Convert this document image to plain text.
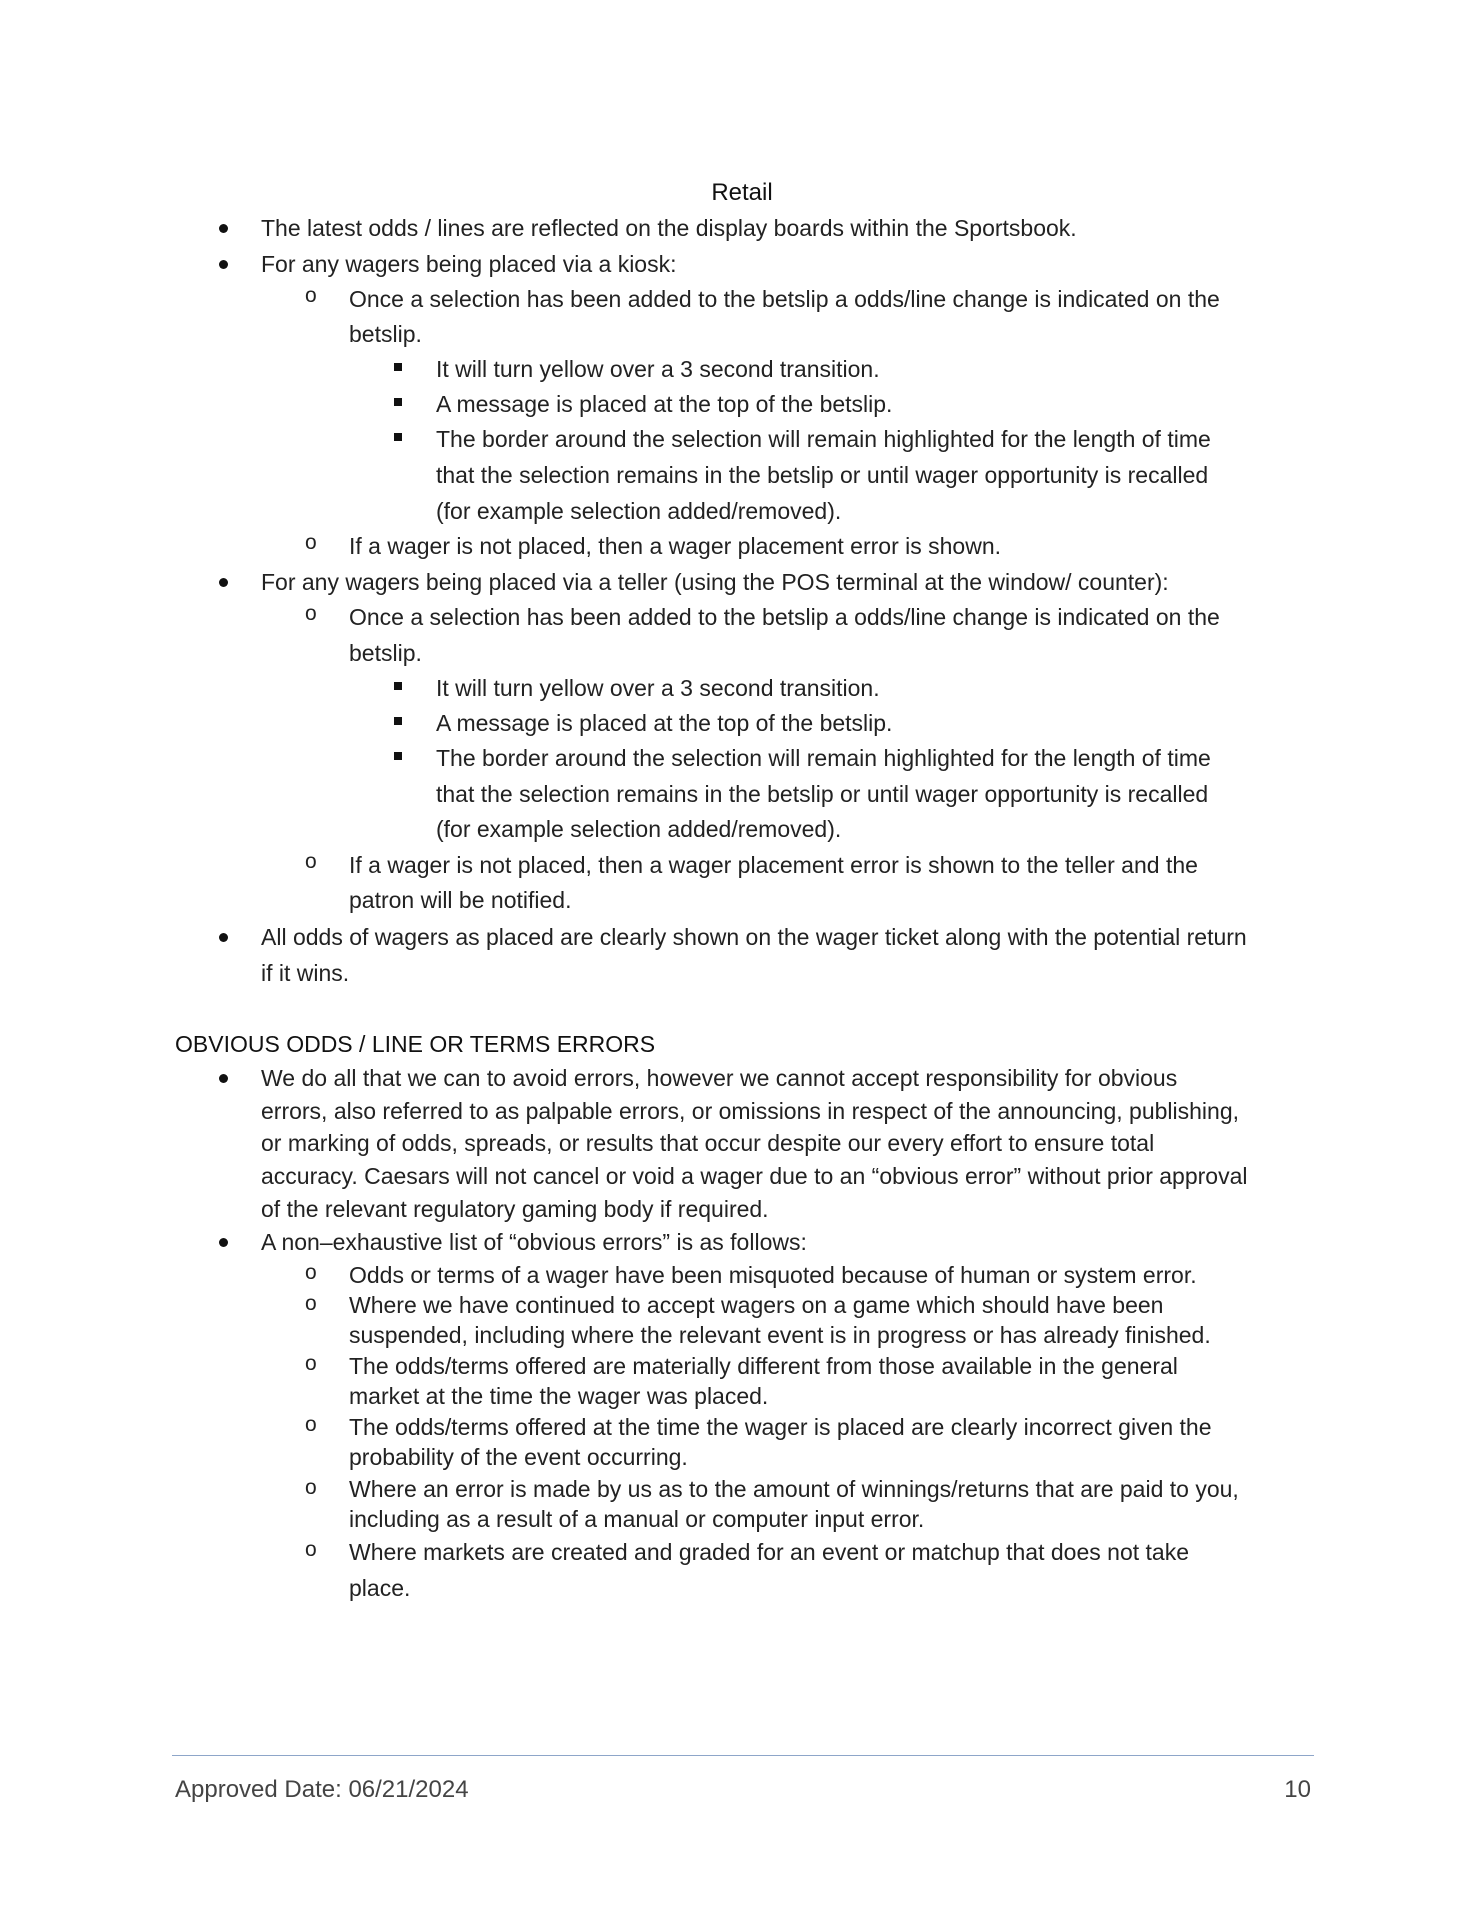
Retail
The latest odds / lines are reflected on the display boards within the Sportsbook.
For any wagers being placed via a kiosk:
o Once a selection has been added to the betslip a odds/line change is indicated on the
betslip.
It will turn yellow over a 3 second transition.
A message is placed at the top of the betslip.
The border around the selection will remain highlighted for the length of time
that the selection remains in the betslip or until wager opportunity is recalled
(for example selection added/removed).
o If a wager is not placed, then a wager placement error is shown.
For any wagers being placed via a teller (using the POS terminal at the window/ counter):
o Once a selection has been added to the betslip a odds/line change is indicated on the
betslip.
It will turn yellow over a 3 second transition.
A message is placed at the top of the betslip.
The border around the selection will remain highlighted for the length of time
that the selection remains in the betslip or until wager opportunity is recalled
(for example selection added/removed).
o If a wager is not placed, then a wager placement error is shown to the teller and the
patron will be notified.
All odds of wagers as placed are clearly shown on the wager ticket along with the potential return
if it wins.
OBVIOUS ODDS / LINE OR TERMS ERRORS
We do all that we can to avoid errors, however we cannot accept responsibility for obvious
errors, also referred to as palpable errors, or omissions in respect of the announcing, publishing,
or marking of odds, spreads, or results that occur despite our every effort to ensure total
accuracy. Caesars will not cancel or void a wager due to an “obvious error” without prior approval
of the relevant regulatory gaming body if required.
A non–exhaustive list of “obvious errors” is as follows:
o Odds or terms of a wager have been misquoted because of human or system error.
o Where we have continued to accept wagers on a game which should have been
suspended, including where the relevant event is in progress or has already finished.
o The odds/terms offered are materially different from those available in the general
market at the time the wager was placed.
o The odds/terms offered at the time the wager is placed are clearly incorrect given the
probability of the event occurring.
o Where an error is made by us as to the amount of winnings/returns that are paid to you,
including as a result of a manual or computer input error.
o Where markets are created and graded for an event or matchup that does not take
place.
Approved Date: 06/21/2024	10
